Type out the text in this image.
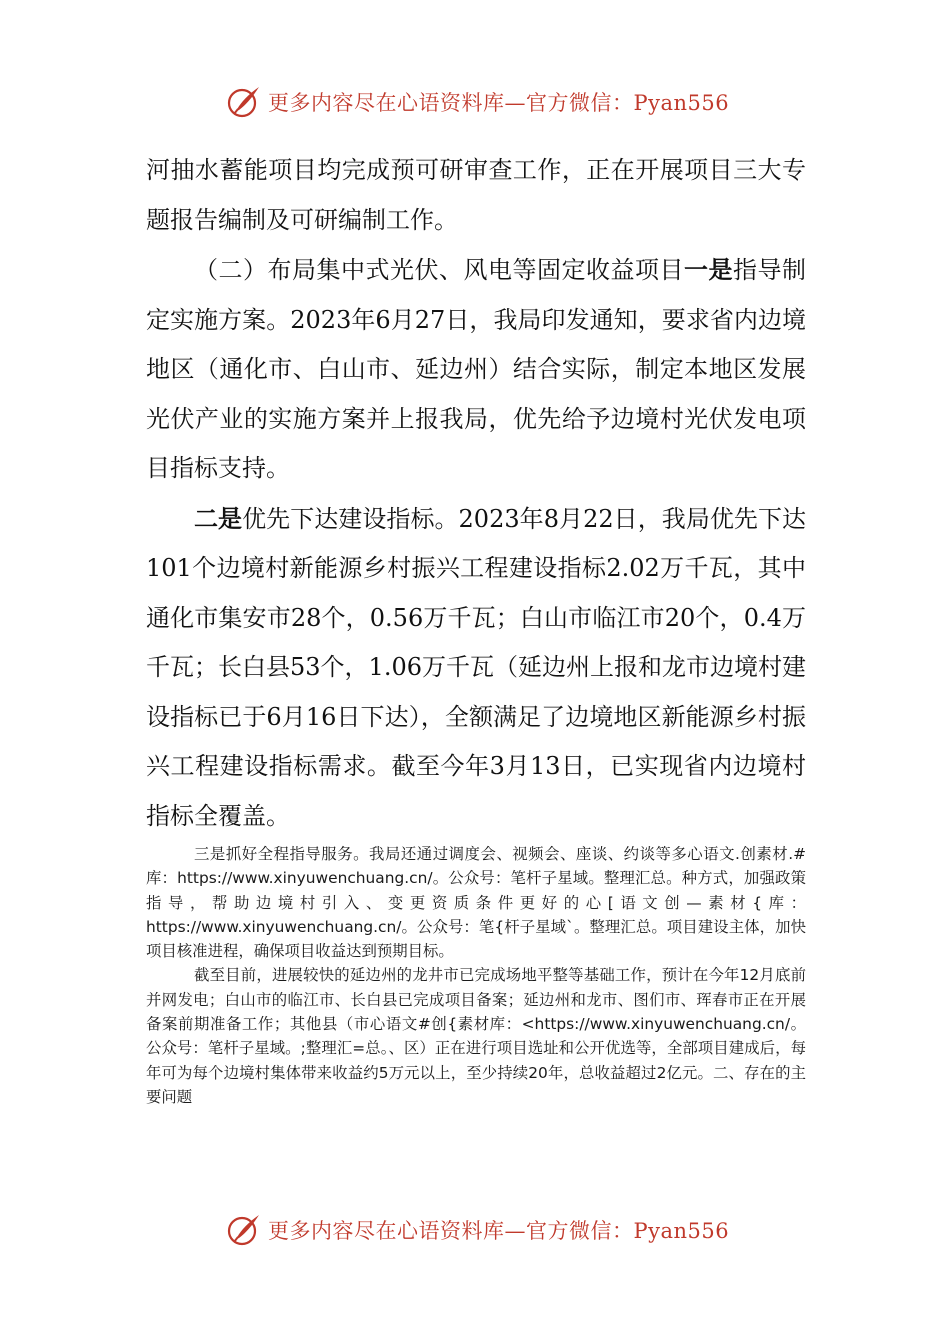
更多内容尽在心语资料库—官方微信：Pyan556

河抽水蓄能项目均完成预可研审查工作，正在开展项目三大专题报告编制及可研编制工作。

（二）布局集中式光伏、风电等固定收益项目一是指导制定实施方案。2023年6月27日，我局印发通知，要求省内边境地区（通化市、白山市、延边州）结合实际，制定本地区发展光伏产业的实施方案并上报我局，优先给予边境村光伏发电项目指标支持。

二是优先下达建设指标。2023年8月22日，我局优先下达101个边境村新能源乡村振兴工程建设指标2.02万千瓦，其中通化市集安市28个，0.56万千瓦；白山市临江市20个，0.4万千瓦；长白县53个，1.06万千瓦（延边州上报和龙市边境村建设指标已于6月16日下达），全额满足了边境地区新能源乡村振兴工程建设指标需求。截至今年3月13日，已实现省内边境村指标全覆盖。

三是抓好全程指导服务。我局还通过调度会、视频会、座谈、约谈等多心语文.创素材.#库：https://www.xinyuwenchuang.cn/。公众号：笔杆子星域。整理汇总。种方式，加强政策指导，帮助边境村引入、变更资质条件更好的心[语文创—素材{库：https://www.xinyuwenchuang.cn/。公众号：笔{杆子星域`。整理汇总。项目建设主体，加快项目核准进程，确保项目收益达到预期目标。

截至目前，进展较快的延边州的龙井市已完成场地平整等基础工作，预计在今年12月底前并网发电；白山市的临江市、长白县已完成项目备案；延边州和龙市、图们市、珲春市正在开展备案前期准备工作；其他县（市心语文#创{素材库：<https://www.xinyuwenchuang.cn/。公众号：笔杆子星域。;整理汇=总。、区）正在进行项目选址和公开优选等，全部项目建成后，每年可为每个边境村集体带来收益约5万元以上，至少持续20年，总收益超过2亿元。二、存在的主要问题

更多内容尽在心语资料库—官方微信：Pyan556
